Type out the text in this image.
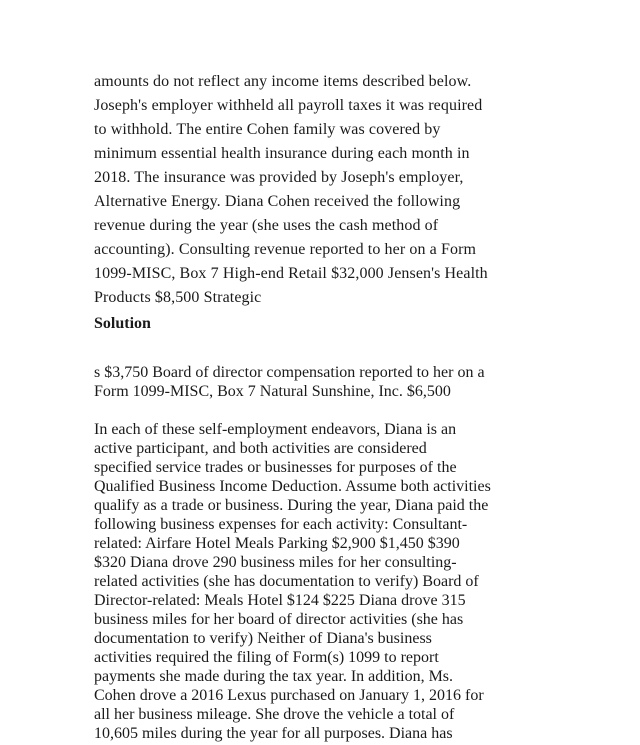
amounts do not reflect any income items described below.
Joseph's employer withheld all payroll taxes it was required
to withhold. The entire Cohen family was covered by
minimum essential health insurance during each month in
2018. The insurance was provided by Joseph's employer,
Alternative Energy. Diana Cohen received the following
revenue during the year (she uses the cash method of
accounting). Consulting revenue reported to her on a Form
1099-MISC, Box 7 High-end Retail $32,000 Jensen's Health
Products $8,500 Strategic

Solution

s $3,750 Board of director compensation reported to her on a
Form 1099-MISC, Box 7 Natural Sunshine, Inc. $6,500

In each of these self-employment endeavors, Diana is an
active participant, and both activities are considered
specified service trades or businesses for purposes of the
Qualified Business Income Deduction. Assume both activities
qualify as a trade or business. During the year, Diana paid the
following business expenses for each activity: Consultant-
related: Airfare Hotel Meals Parking $2,900 $1,450 $390
$320 Diana drove 290 business miles for her consulting-
related activities (she has documentation to verify) Board of
Director-related: Meals Hotel $124 $225 Diana drove 315
business miles for her board of director activities (she has
documentation to verify) Neither of Diana's business
activities required the filing of Form(s) 1099 to report
payments she made during the tax year. In addition, Ms.
Cohen drove a 2016 Lexus purchased on January 1, 2016 for
all her business mileage. She drove the vehicle a total of
10,605 miles during the year for all purposes. Diana has
